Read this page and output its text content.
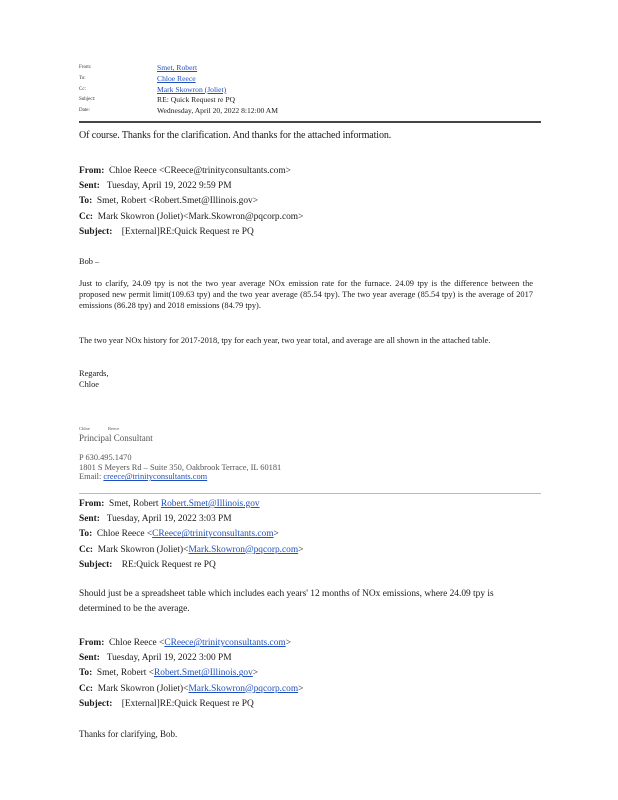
From:	Smet, Robert
To:	Chloe Reece
Cc:	Mark Skowron (Joliet)
Subject:	RE: Quick Request re PQ
Date:	Wednesday, April 20, 2022 8:12:00 AM
Of course. Thanks for the clarification. And thanks for the attached information.
From: Chloe Reece <CReece@trinityconsultants.com>
Sent: Tuesday, April 19, 2022 9:59 PM
To: Smet, Robert <Robert.Smet@Illinois.gov>
Cc: Mark Skowron (Joliet)<Mark.Skowron@pqcorp.com>
Subject: [External]RE:Quick Request re PQ
Bob –
Just to clarify, 24.09 tpy is not the two year average NOx emission rate for the furnace. 24.09 tpy is the difference between the proposed new permit limit(109.63 tpy) and the two year average (85.54 tpy). The two year average (85.54 tpy) is the average of 2017 emissions (86.28 tpy) and 2018 emissions (84.79 tpy).
The two year NOx history for 2017-2018, tpy for each year, two year total, and average are all shown in the attached table.
Regards,
Chloe
Chloe	Reece
Principal Consultant
P 630.495.1470
1801 S Meyers Rd – Suite 350, Oakbrook Terrace, IL 60181
Email: creece@trinityconsultants.com
From: Smet, Robert Robert.Smet@Illinois.gov
Sent: Tuesday, April 19, 2022 3:03 PM
To: Chloe Reece <CReece@trinityconsultants.com>
Cc: Mark Skowron (Joliet)<Mark.Skowron@pqcorp.com>
Subject: RE:Quick Request re PQ
Should just be a spreadsheet table which includes each years' 12 months of NOx emissions, where 24.09 tpy is determined to be the average.
From: Chloe Reece <CReece@trinityconsultants.com>
Sent: Tuesday, April 19, 2022 3:00 PM
To: Smet, Robert <Robert.Smet@Illinois.gov>
Cc: Mark Skowron (Joliet)<Mark.Skowron@pqcorp.com>
Subject: [External]RE:Quick Request re PQ
Thanks for clarifying, Bob.
